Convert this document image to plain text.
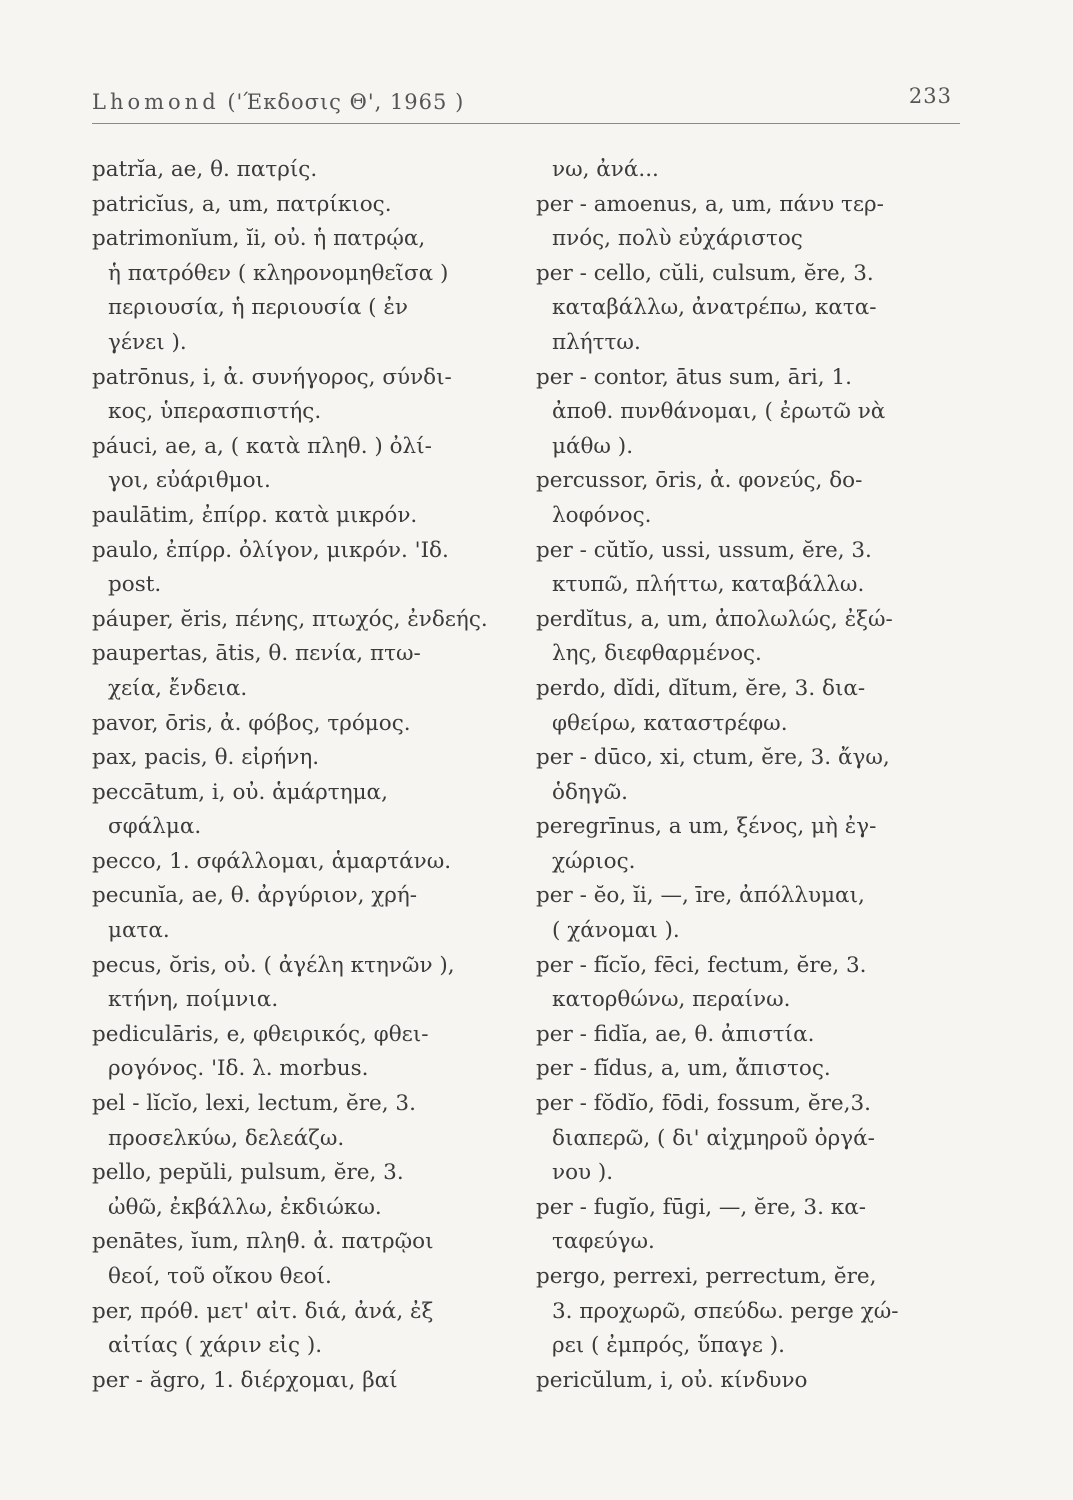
Lhomond ('Έκδοσις Θ', 1965 )	233
patrĭa, ae, θ. πατρίς.
patricĭus, a, um, πατρίκιος.
patrimonĭum, ĭi, οὐ. ἡ πατρῴα,
ἡ πατρόθεν ( κληρονομηθεῖσα )
περιουσία, ἡ περιουσία ( ἐν
γένει ).
patrōnus, i, ἀ. συνήγορος, σύνδι-
κος, ὑπερασπιστής.
páuci, ae, a, ( κατὰ πληθ. ) ὀλί-
γοι, εὐάριθμοι.
paulātim, ἐπίρρ. κατὰ μικρόν.
paulo, ἐπίρρ. ὀλίγον, μικρόν. 'Ιδ.
post.
páuper, ĕris, πένης, πτωχός, ἐνδεής.
paupertas, ātis, θ. πενία, πτω-
χεία, ἔνδεια.
pavor, ōris, ἀ. φόβος, τρόμος.
pax, pacis, θ. εἰρήνη.
peccātum, i, οὐ. ἁμάρτημα,
σφάλμα.
pecco, 1. σφάλλομαι, ἁμαρτάνω.
pecunĭa, ae, θ. ἀργύριον, χρή-
ματα.
pecus, ŏris, οὐ. ( ἀγέλη κτηνῶν ),
κτήνη, ποίμνια.
pediculāris, e, φθειρικός, φθει-
ρογόνος. 'Ιδ. λ. morbus.
pel - lĭcĭo, lexi, lectum, ĕre, 3.
προσελκύω, δελεάζω.
pello, pepŭli, pulsum, ĕre, 3.
ὠθῶ, ἐκβάλλω, ἐκδιώκω.
penātes, ĭum, πληθ. ἀ. πατρῷοι
θεοί, τοῦ οἴκου θεοί.
per, πρόθ. μετ' αἰτ. διά, ἀνά, ἐξ
αἰτίας ( χάριν εἰς ).
per - ăgro, 1. διέρχομαι, βαί
νω, ἀνά...
per - amoenus, a, um, πάνυ τερ-
πνός, πολὺ εὐχάριστος
per - cello, cŭli, culsum, ĕre, 3.
καταβάλλω, ἀνατρέπω, κατα-
πλήττω.
per - contor, ātus sum, āri, 1.
ἀποθ. πυνθάνομαι, ( ἐρωτῶ νὰ
μάθω ).
percussor, ōris, ἀ. φονεύς, δο-
λοφόνος.
per - cŭtĭo, ussi, ussum, ĕre, 3.
κτυπῶ, πλήττω, καταβάλλω.
perdĭtus, a, um, ἀπολωλώς, ἐξώ-
λης, διεφθαρμένος.
perdo, dĭdi, dĭtum, ĕre, 3. δια-
φθείρω, καταστρέφω.
per - dūco, xi, ctum, ĕre, 3. ἄγω,
ὁδηγῶ.
peregrīnus, a um, ξένος, μὴ ἐγ-
χώριος.
per - ĕo, ĭi, —, īre, ἀπόλλυμαι,
( χάνομαι ).
per - fĭcĭo, fēci, fectum, ĕre, 3.
κατορθώνω, περαίνω.
per - fidĭa, ae, θ. ἀπιστία.
per - fĭdus, a, um, ἄπιστος.
per - fŏdĭo, fōdi, fossum, ĕre,3.
διαπερῶ, ( δι' αἰχμηροῦ ὀργά-
νου ).
per - fugĭo, fūgi, —, ĕre, 3. κα-
ταφεύγω.
pergo, perrexi, perrectum, ĕre,
3. προχωρῶ, σπεύδω. perge χώ-
ρει ( ἐμπρός, ὕπαγε ).
pericŭlum, i, οὐ. κίνδυνο
